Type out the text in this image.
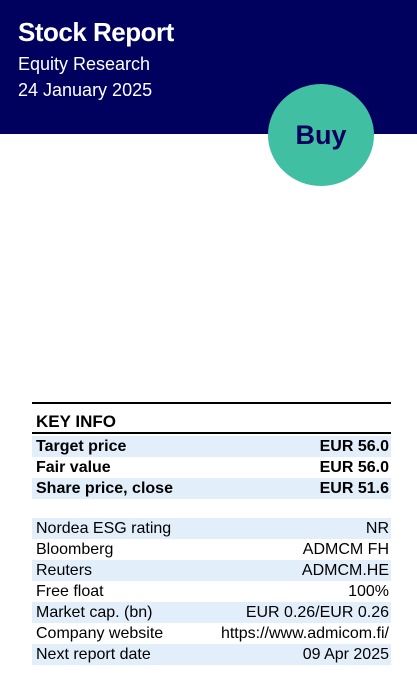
Stock Report
Equity Research
24 January 2025
Buy
KEY INFO
Target price	EUR 56.0
Fair value	EUR 56.0
Share price, close	EUR 51.6
Nordea ESG rating	NR
Bloomberg	ADMCM FH
Reuters	ADMCM.HE
Free float	100%
Market cap. (bn)	EUR 0.26/EUR 0.26
Company website	https://www.admicom.fi/
Next report date	09 Apr 2025
